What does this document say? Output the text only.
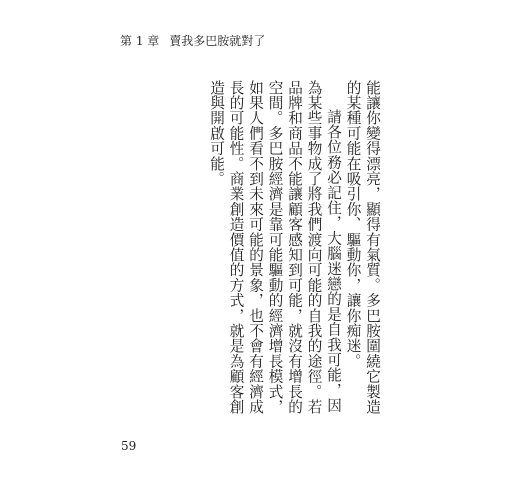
第 1 章 賣我多巴胺就對了

能讓你變得漂亮，顯得有氣質。多巴胺圍繞它製造的某種可能在吸引你、驅動你，讓你痴迷。

請各位務必記住，大腦迷戀的是自我可能，因為某些事物成了將我們渡向可能的自我的途徑。若品牌和商品不能讓顧客感知到可能，就沒有增長的空間。多巴胺經濟是靠可能驅動的經濟增長模式，如果人們看不到未來可能的景象，也不會有經濟成長的可能性。商業創造價值的方式，就是為顧客創造與開啟可能。

59
